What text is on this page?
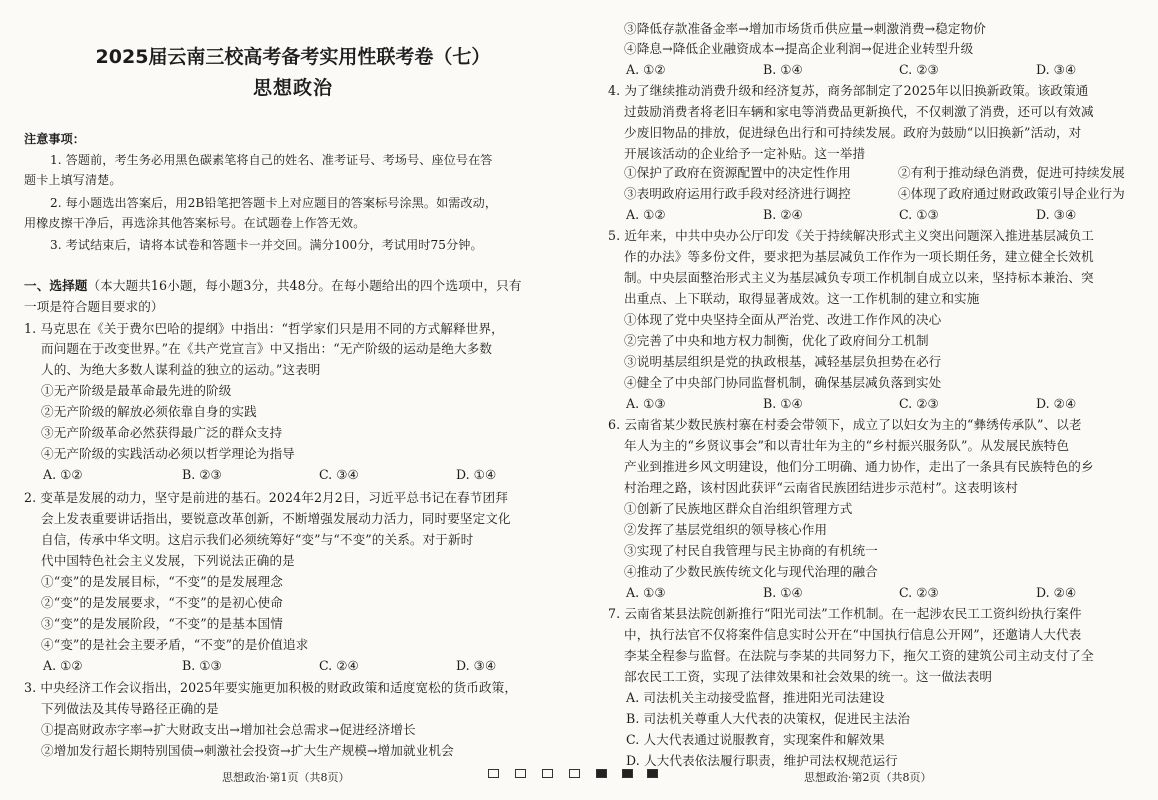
2025届云南三校高考备考实用性联考卷（七）
思想政治
注意事项：
1. 答题前，考生务必用黑色碳素笔将自己的姓名、准考证号、考场号、座位号在答
题卡上填写清楚。
2. 每小题选出答案后，用2B铅笔把答题卡上对应题目的答案标号涂黑。如需改动，
用橡皮擦干净后，再选涂其他答案标号。在试题卷上作答无效。
3. 考试结束后，请将本试卷和答题卡一并交回。满分100分，考试用时75分钟。
一、选择题（本大题共16小题，每小题3分，共48分。在每小题给出的四个选项中，只有
一项是符合题目要求的）
1. 马克思在《关于费尔巴哈的提纲》中指出：“哲学家们只是用不同的方式解释世界，
而问题在于改变世界。”在《共产党宣言》中又指出：“无产阶级的运动是绝大多数
人的、为绝大多数人谋利益的独立的运动。”这表明
①无产阶级是最革命最先进的阶级
②无产阶级的解放必须依靠自身的实践
③无产阶级革命必然获得最广泛的群众支持
④无产阶级的实践活动必须以哲学理论为指导
A. ①②	B. ②③	C. ③④	D. ①④
2. 变革是发展的动力，坚守是前进的基石。2024年2月2日，习近平总书记在春节团拜
会上发表重要讲话指出，要锐意改革创新，不断增强发展动力活力，同时要坚定文化
自信，传承中华文明。这启示我们必须统筹好“变”与“不变”的关系。对于新时
代中国特色社会主义发展，下列说法正确的是
①“变”的是发展目标，“不变”的是发展理念
②“变”的是发展要求，“不变”的是初心使命
③“变”的是发展阶段，“不变”的是基本国情
④“变”的是社会主要矛盾，“不变”的是价值追求
A. ①②	B. ①③	C. ②④	D. ③④
3. 中央经济工作会议指出，2025年要实施更加积极的财政政策和适度宽松的货币政策，
下列做法及其传导路径正确的是
①提高财政赤字率→扩大财政支出→增加社会总需求→促进经济增长
②增加发行超长期特别国债→刺激社会投资→扩大生产规模→增加就业机会
思想政治·第1页（共8页）
③降低存款准备金率→增加市场货币供应量→刺激消费→稳定物价
④降息→降低企业融资成本→提高企业利润→促进企业转型升级
A. ①②	B. ①④	C. ②③	D. ③④
4. 为了继续推动消费升级和经济复苏，商务部制定了2025年以旧换新政策。该政策通
过鼓励消费者将老旧车辆和家电等消费品更新换代，不仅刺激了消费，还可以有效减
少废旧物品的排放，促进绿色出行和可持续发展。政府为鼓励“以旧换新”活动，对
开展该活动的企业给予一定补贴。这一举措
①保护了政府在资源配置中的决定性作用	②有利于推动绿色消费，促进可持续发展
③表明政府运用行政手段对经济进行调控	④体现了政府通过财政政策引导企业行为
A. ①②	B. ②④	C. ①③	D. ③④
5. 近年来，中共中央办公厅印发《关于持续解决形式主义突出问题深入推进基层减负工
作的办法》等多份文件，要求把为基层减负工作作为一项长期任务，建立健全长效机
制。中央层面整治形式主义为基层减负专项工作机制自成立以来，坚持标本兼治、突
出重点、上下联动，取得显著成效。这一工作机制的建立和实施
①体现了党中央坚持全面从严治党、改进工作作风的决心
②完善了中央和地方权力制衡，优化了政府间分工机制
③说明基层组织是党的执政根基，减轻基层负担势在必行
④健全了中央部门协同监督机制，确保基层减负落到实处
A. ①③	B. ①④	C. ②③	D. ②④
6. 云南省某少数民族村寨在村委会带领下，成立了以妇女为主的“彝绣传承队”、以老
年人为主的“乡贤议事会”和以青壮年为主的“乡村振兴服务队”。从发展民族特色
产业到推进乡风文明建设，他们分工明确、通力协作，走出了一条具有民族特色的乡
村治理之路，该村因此获评“云南省民族团结进步示范村”。这表明该村
①创新了民族地区群众自治组织管理方式
②发挥了基层党组织的领导核心作用
③实现了村民自我管理与民主协商的有机统一
④推动了少数民族传统文化与现代治理的融合
A. ①③	B. ①④	C. ②③	D. ②④
7. 云南省某县法院创新推行“阳光司法”工作机制。在一起涉农民工工资纠纷执行案件
中，执行法官不仅将案件信息实时公开在“中国执行信息公开网”，还邀请人大代表
李某全程参与监督。在法院与李某的共同努力下，拖欠工资的建筑公司主动支付了全
部农民工工资，实现了法律效果和社会效果的统一。这一做法表明
A. 司法机关主动接受监督，推进阳光司法建设
B. 司法机关尊重人大代表的决策权，促进民主法治
C. 人大代表通过说服教育，实现案件和解效果
D. 人大代表依法履行职责，维护司法权规范运行
思想政治·第2页（共8页）
